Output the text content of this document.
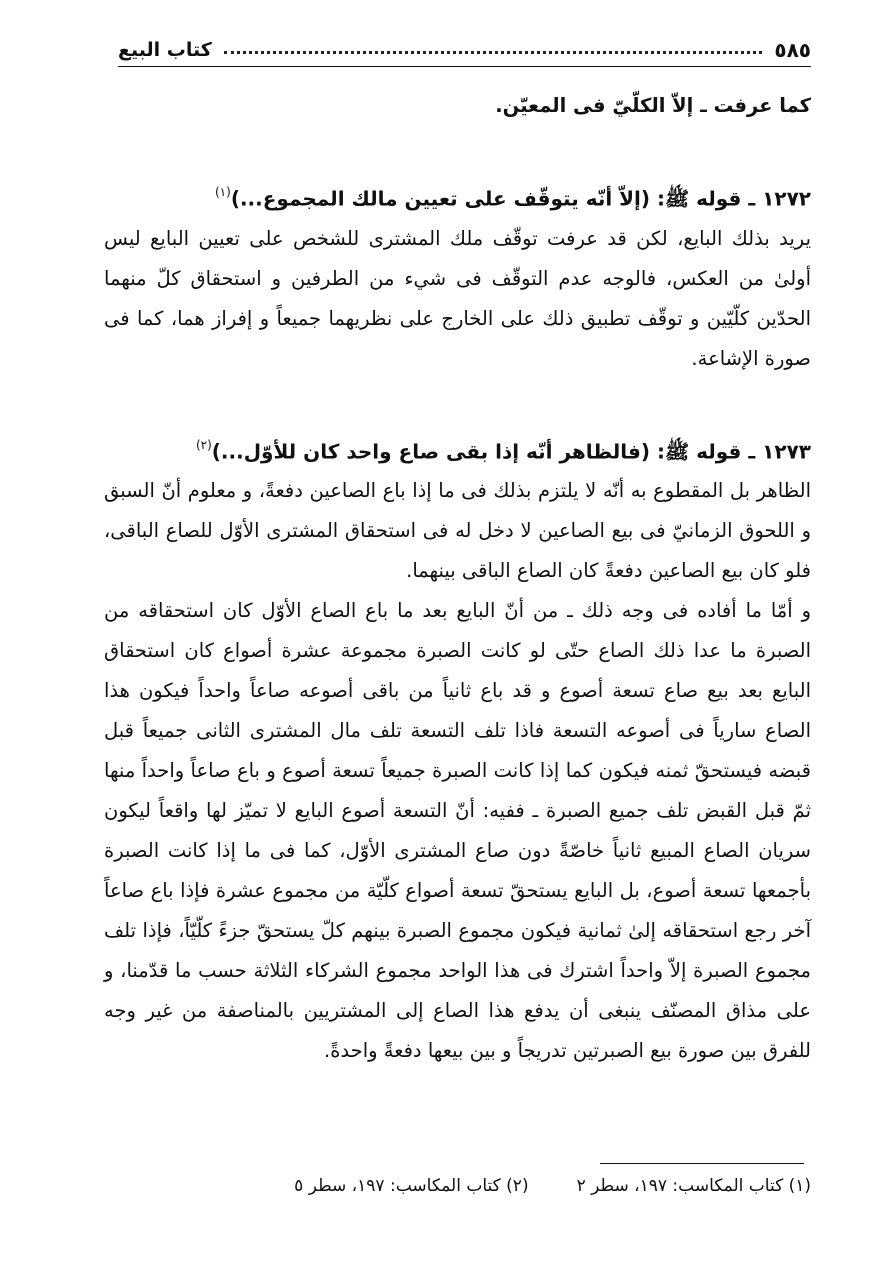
كتاب البيع	٥٨٥

كما عرفت ـ إلاّ الكلّيّ فى المعيّن.

١٢٧٢ ـ قوله ﷺ: (إلاّ أنّه يتوقّف على تعيين مالك المجموع...)$^{(١)}$

يريد بذلك البايع، لكن قد عرفت توقّف ملك المشترى للشخص على تعيين البايع ليس أولىٰ من العكس، فالوجه عدم التوقّف فى شيء من الطرفين و استحقاق كلّ منهما الحدّين كلّيّين و توقّف تطبيق ذلك على الخارج على نظريهما جميعاً و إفراز هما، كما فى صورة الإشاعة.

١٢٧٣ ـ قوله ﷺ: (فالظاهر أنّه إذا بقى صاع واحد كان للأوّل...)$^{(٢)}$

الظاهر بل المقطوع به أنّه لا يلتزم بذلك فى ما إذا باع الصاعين دفعةً، و معلوم أنّ السبق و اللحوق الزمانيّ فى بيع الصاعين لا دخل له فى استحقاق المشترى الأوّل للصاع الباقى، فلو كان بيع الصاعين دفعةً كان الصاع الباقى بينهما.

و أمّا ما أفاده فى وجه ذلك ـ من أنّ البايع بعد ما باع الصاع الأوّل كان استحقاقه من الصبرة ما عدا ذلك الصاع حتّى لو كانت الصبرة مجموعة عشرة أصواع كان استحقاق البايع بعد بيع صاع تسعة أصوع و قد باع ثانياً من باقى أصوعه صاعاً واحداً فيكون هذا الصاع سارياً فى أصوعه التسعة فاذا تلف التسعة تلف مال المشترى الثانى جميعاً قبل قبضه فيستحقّ ثمنه فيكون كما إذا كانت الصبرة جميعاً تسعة أصوع و باع صاعاً واحداً منها ثمّ قبل القبض تلف جميع الصبرة ـ ففيه: أنّ التسعة أصوع البايع لا تميّز لها واقعاً ليكون سريان الصاع المبيع ثانياً خاصّةً دون صاع المشترى الأوّل، كما فى ما إذا كانت الصبرة بأجمعها تسعة أصوع، بل البايع يستحقّ تسعة أصواع كلّيّة من مجموع عشرة فإذا باع صاعاً آخر رجع استحقاقه إلىٰ ثمانية فيكون مجموع الصبرة بينهم كلّ يستحقّ جزءً كلّيّاً، فإذا تلف مجموع الصبرة إلاّ واحداً اشترك فى هذا الواحد مجموع الشركاء الثلاثة حسب ما قدّمنا، و على مذاق المصنّف ينبغى أن يدفع هذا الصاع إلى المشتريين بالمناصفة من غير وجه للفرق بين صورة بيع الصبرتين تدريجاً و بين بيعها دفعةً واحدةً.

(١) كتاب المكاسب: ١٩٧، سطر ٢
(٢) كتاب المكاسب: ١٩٧، سطر ٥
